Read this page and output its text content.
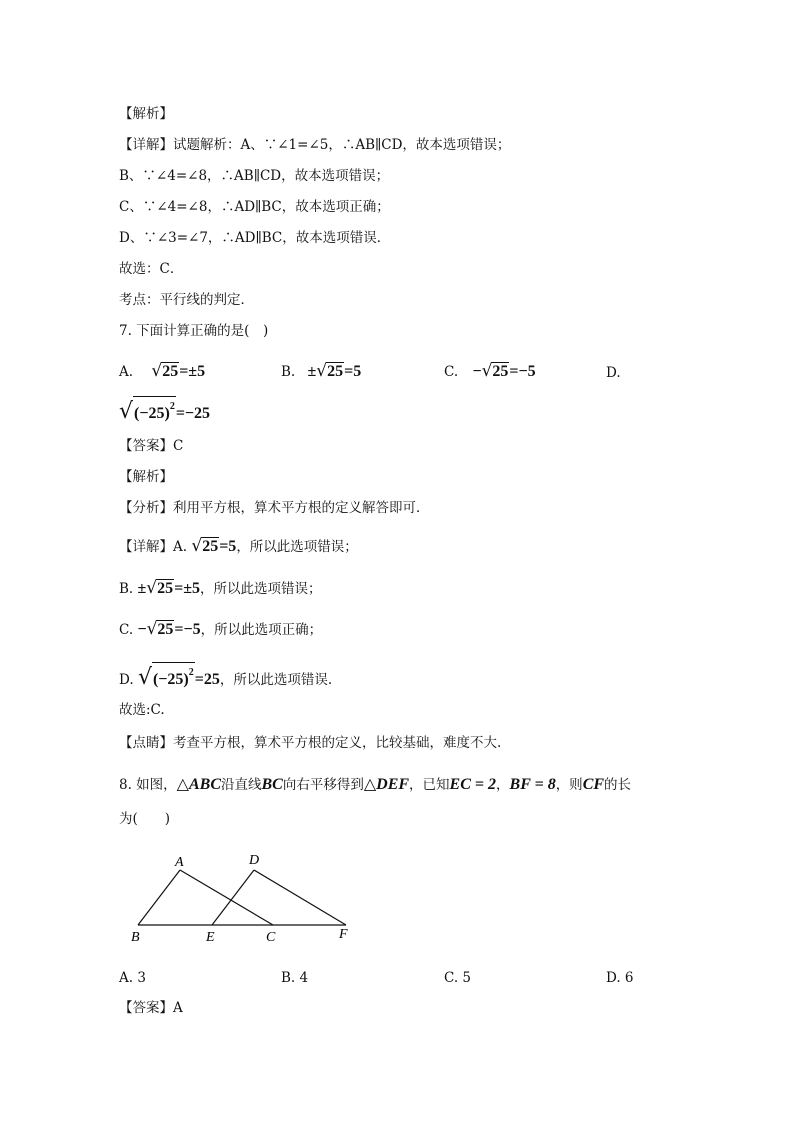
【解析】
【详解】试题解析：A、∵∠1=∠5，∴AB∥CD，故本选项错误；
B、∵∠4=∠8，∴AB∥CD，故本选项错误；
C、∵∠4=∠8，∴AD∥BC，故本选项正确；
D、∵∠3=∠7，∴AD∥BC，故本选项错误．
故选：C．
考点：平行线的判定．
7. 下面计算正确的是(　)
A. √25=±5	B. ±√25=5	C. −√25=−5	D.
$√(-25)^2=-25$
【答案】C
【解析】
【分析】利用平方根，算术平方根的定义解答即可．
【详解】A. √25=5，所以此选项错误；
B. ±√25=±5，所以此选项错误；
C. −√25=−5，所以此选项正确；
D. $√(-25)^2=25$，所以此选项错误.
故选:C.
【点睛】考查平方根，算术平方根的定义，比较基础，难度不大.
8. 如图，△ABC沿直线BC向右平移得到△DEF，已知EC = 2，BF = 8，则CF的长
为(　　)
A
B	C
D
E	F
A. 3	B. 4	C. 5	D. 6
【答案】A
